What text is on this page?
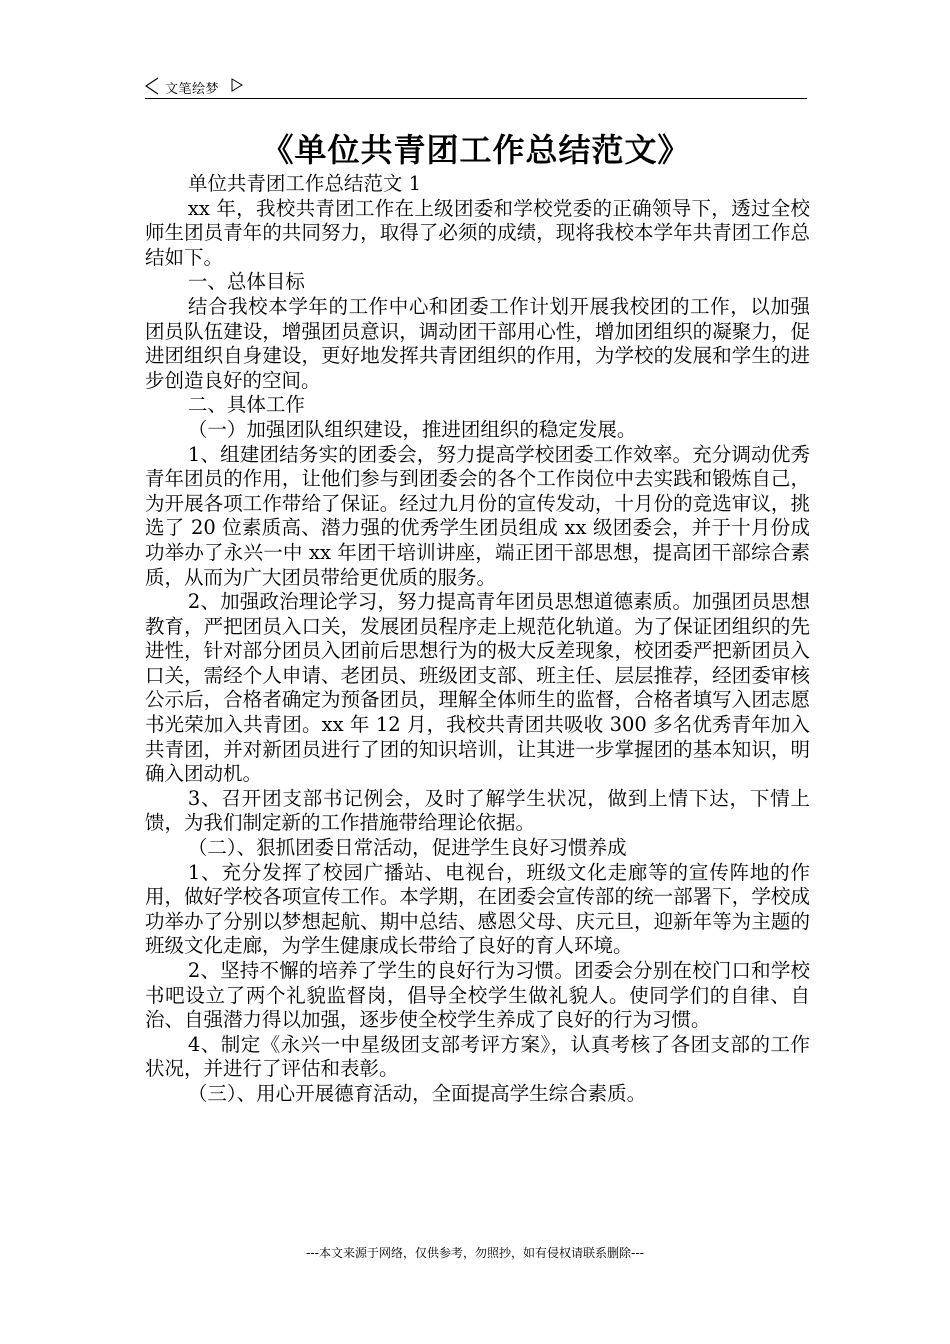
文笔绘梦
《单位共青团工作总结范文》

单位共青团工作总结范文 1

xx 年，我校共青团工作在上级团委和学校党委的正确领导下，透过全校师生团员青年的共同努力，取得了必须的成绩，现将我校本学年共青团工作总结如下。

一、总体目标

结合我校本学年的工作中心和团委工作计划开展我校团的工作，以加强团员队伍建设，增强团员意识，调动团干部用心性，增加团组织的凝聚力，促进团组织自身建设，更好地发挥共青团组织的作用，为学校的发展和学生的进步创造良好的空间。

二、具体工作

（一）加强团队组织建设，推进团组织的稳定发展。

1、组建团结务实的团委会，努力提高学校团委工作效率。充分调动优秀青年团员的作用，让他们参与到团委会的各个工作岗位中去实践和锻炼自己，为开展各项工作带给了保证。经过九月份的宣传发动，十月份的竞选审议，挑选了 20 位素质高、潜力强的优秀学生团员组成 xx 级团委会，并于十月份成功举办了永兴一中 xx 年团干培训讲座，端正团干部思想，提高团干部综合素质，从而为广大团员带给更优质的服务。

2、加强政治理论学习，努力提高青年团员思想道德素质。加强团员思想教育，严把团员入口关，发展团员程序走上规范化轨道。为了保证团组织的先进性，针对部分团员入团前后思想行为的极大反差现象，校团委严把新团员入口关，需经个人申请、老团员、班级团支部、班主任、层层推荐，经团委审核公示后，合格者确定为预备团员，理解全体师生的监督，合格者填写入团志愿书光荣加入共青团。xx 年 12 月，我校共青团共吸收 300 多名优秀青年加入共青团，并对新团员进行了团的知识培训，让其进一步掌握团的基本知识，明确入团动机。

3、召开团支部书记例会，及时了解学生状况，做到上情下达，下情上馈，为我们制定新的工作措施带给理论依据。

（二）、狠抓团委日常活动，促进学生良好习惯养成

1、充分发挥了校园广播站、电视台，班级文化走廊等的宣传阵地的作用，做好学校各项宣传工作。本学期，在团委会宣传部的统一部署下，学校成功举办了分别以梦想起航、期中总结、感恩父母、庆元旦，迎新年等为主题的班级文化走廊，为学生健康成长带给了良好的育人环境。

2、坚持不懈的培养了学生的良好行为习惯。团委会分别在校门口和学校书吧设立了两个礼貌监督岗，倡导全校学生做礼貌人。使同学们的自律、自治、自强潜力得以加强，逐步使全校学生养成了良好的行为习惯。

4、制定《永兴一中星级团支部考评方案》，认真考核了各团支部的工作状况，并进行了评估和表彰。

（三）、用心开展德育活动，全面提高学生综合素质。

---本文来源于网络，仅供参考，勿照抄，如有侵权请联系删除---
